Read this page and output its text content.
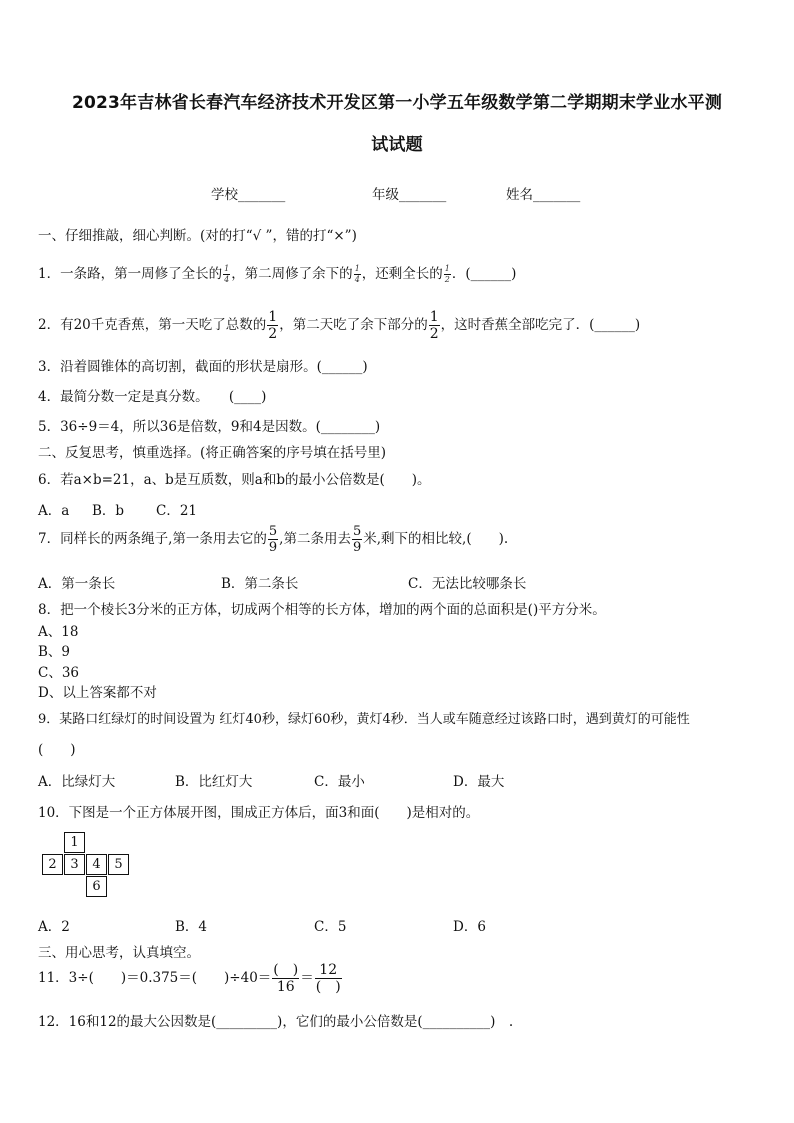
2023年吉林省长春汽车经济技术开发区第一小学五年级数学第二学期期末学业水平测
试试题
学校_______	年级_______	姓名_______
一、仔细推敲，细心判断。(对的打“√ ”，错的打“×”)
1．一条路，第一周修了全长的 $\frac{1}{4}$ ，第二周修了余下的 $\frac{1}{4}$ ，还剩全长的 $\frac{1}{2}$ ．(______)
2．有20千克香蕉，第一天吃了总数的 $\frac{1}{2}$ ，第二天吃了余下部分的 $\frac{1}{2}$ ，这时香蕉全部吃完了．(______)
3．沿着圆锥体的高切割，截面的形状是扇形。(______)
4．最简分数一定是真分数。　　(____)
5．36÷9＝4，所以36是倍数，9和4是因数。(________)
二、反复思考，慎重选择。(将正确答案的序号填在括号里)
6．若a×b=21，a、b是互质数，则a和b的最小公倍数是(　　)。
A．a B．b C．21
7．同样长的两条绳子,第一条用去它的 $\frac{5}{9}$ ,第二条用去 $\frac{5}{9}$ 米,剩下的相比较,(　　).
A．第一条长	B．第二条长	C．无法比较哪条长
8．把一个棱长3分米的正方体，切成两个相等的长方体，增加的两个面的总面积是()平方分米。
A、18
B、9
C、36
D、以上答案都不对
9．某路口红绿灯的时间设置为 红灯40秒，绿灯60秒，黄灯4秒．当人或车随意经过该路口时，遇到黄灯的可能性
(　　)
A．比绿灯大	B．比红灯大	C．最小	D．最大
10．下图是一个正方体展开图，围成正方体后，面3和面(　　)是相对的。
1
2	3	4	5
6
A．2	B．4	C．5	D．6
三、用心思考，认真填空。
11．3÷(　　)＝0.375＝(　　)$\div 40= \frac{( )}{16} = \frac{12}{( )}$
12．16和12的最大公因数是(_________)，它们的最小公倍数是(__________)　.
